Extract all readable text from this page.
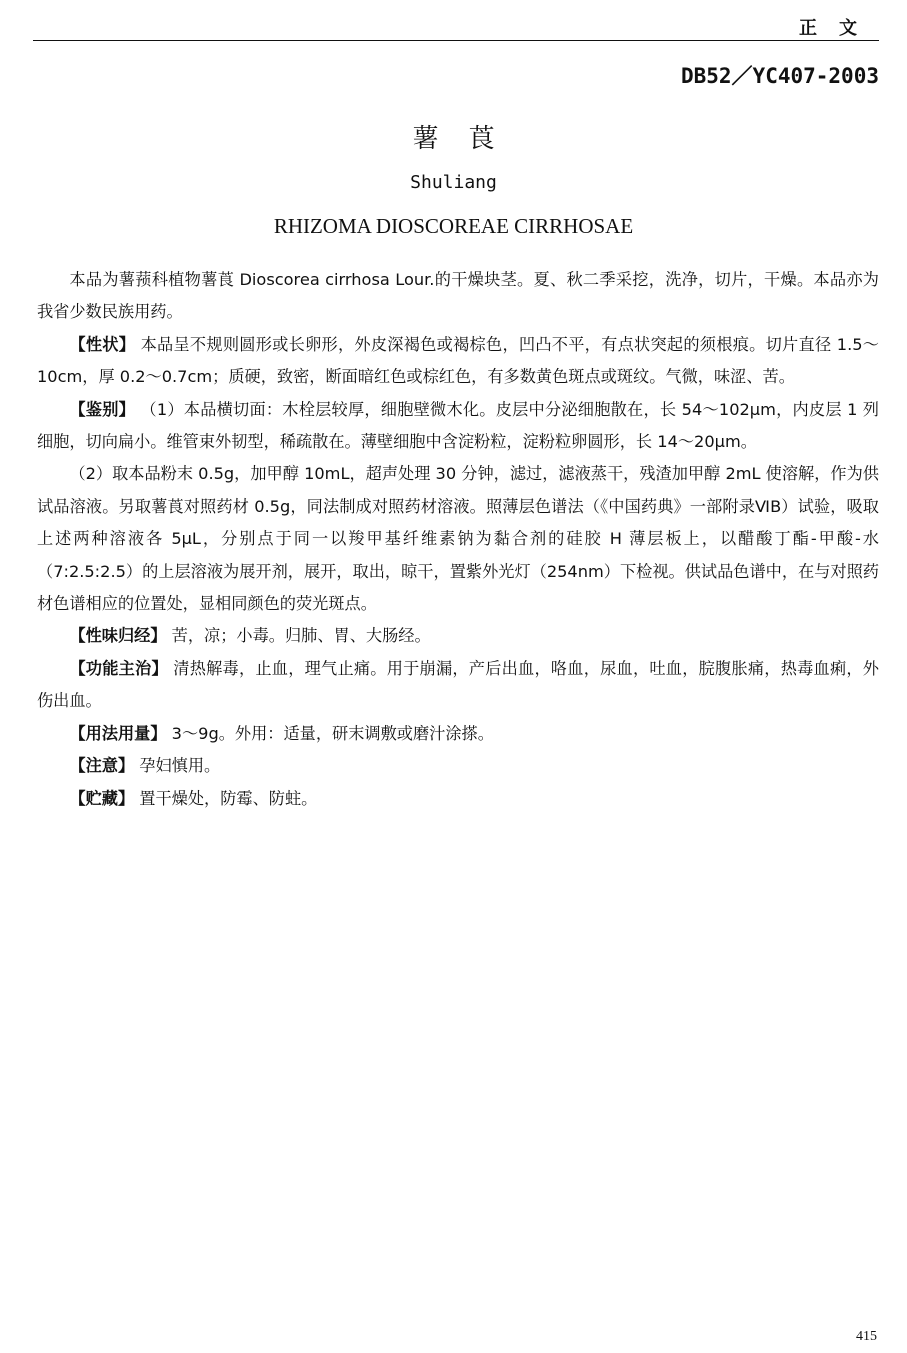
正文
DB52／YC407-2003
薯莨
Shuliang
RHIZOMA DIOSCOREAE CIRRHOSAE

本品为薯蓣科植物薯莨 Dioscorea cirrhosa Lour.的干燥块茎。夏、秋二季采挖，洗净，切片，干燥。本品亦为我省少数民族用药。

【性状】 本品呈不规则圆形或长卵形，外皮深褐色或褐棕色，凹凸不平，有点状突起的须根痕。切片直径 1.5～10cm，厚 0.2～0.7cm；质硬，致密，断面暗红色或棕红色，有多数黄色斑点或斑纹。气微，味涩、苦。

【鉴别】 （1）本品横切面：木栓层较厚，细胞壁微木化。皮层中分泌细胞散在，长 54～102μm，内皮层 1 列细胞，切向扁小。维管束外韧型，稀疏散在。薄壁细胞中含淀粉粒，淀粉粒卵圆形，长 14～20μm。

（2）取本品粉末 0.5g，加甲醇 10mL，超声处理 30 分钟，滤过，滤液蒸干，残渣加甲醇 2mL 使溶解，作为供试品溶液。另取薯莨对照药材 0.5g，同法制成对照药材溶液。照薄层色谱法（《中国药典》一部附录ⅥB）试验，吸取上述两种溶液各 5μL，分别点于同一以羧甲基纤维素钠为黏合剂的硅胶 H 薄层板上，以醋酸丁酯-甲酸-水（7:2.5:2.5）的上层溶液为展开剂，展开，取出，晾干，置紫外光灯（254nm）下检视。供试品色谱中，在与对照药材色谱相应的位置处，显相同颜色的荧光斑点。

【性味归经】 苦，凉；小毒。归肺、胃、大肠经。

【功能主治】 清热解毒，止血，理气止痛。用于崩漏，产后出血，咯血，尿血，吐血，脘腹胀痛，热毒血痢，外伤出血。

【用法用量】 3～9g。外用：适量，研末调敷或磨汁涂搽。

【注意】 孕妇慎用。

【贮藏】 置干燥处，防霉、防蛀。

415
